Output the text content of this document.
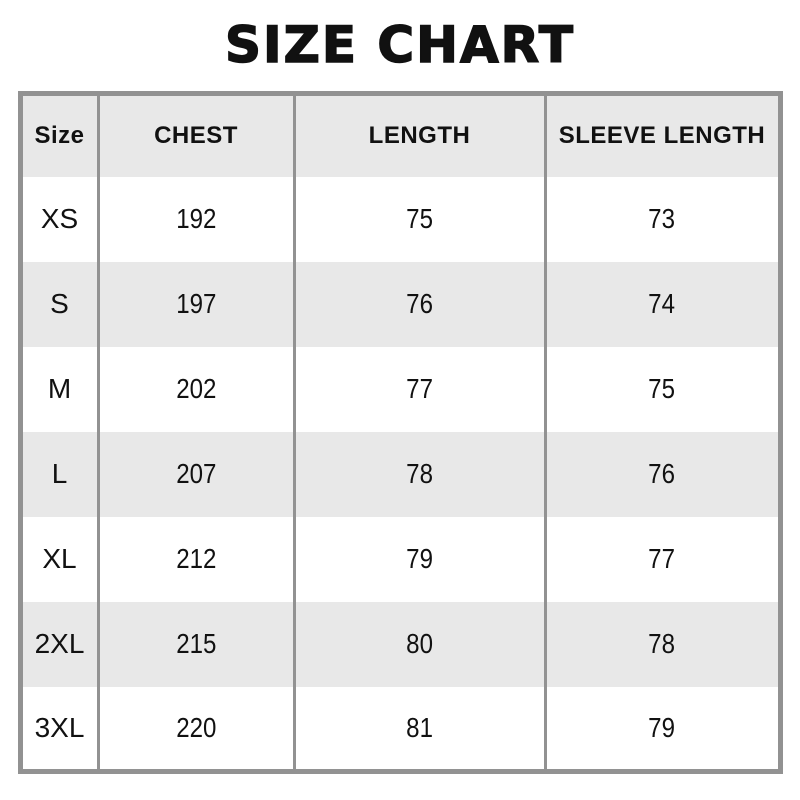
SIZE CHART
Size	CHEST	LENGTH	SLEEVE LENGTH
XS	192	75	73
S	197	76	74
M	202	77	75
L	207	78	76
XL	212	79	77
2XL	215	80	78
3XL	220	81	79
